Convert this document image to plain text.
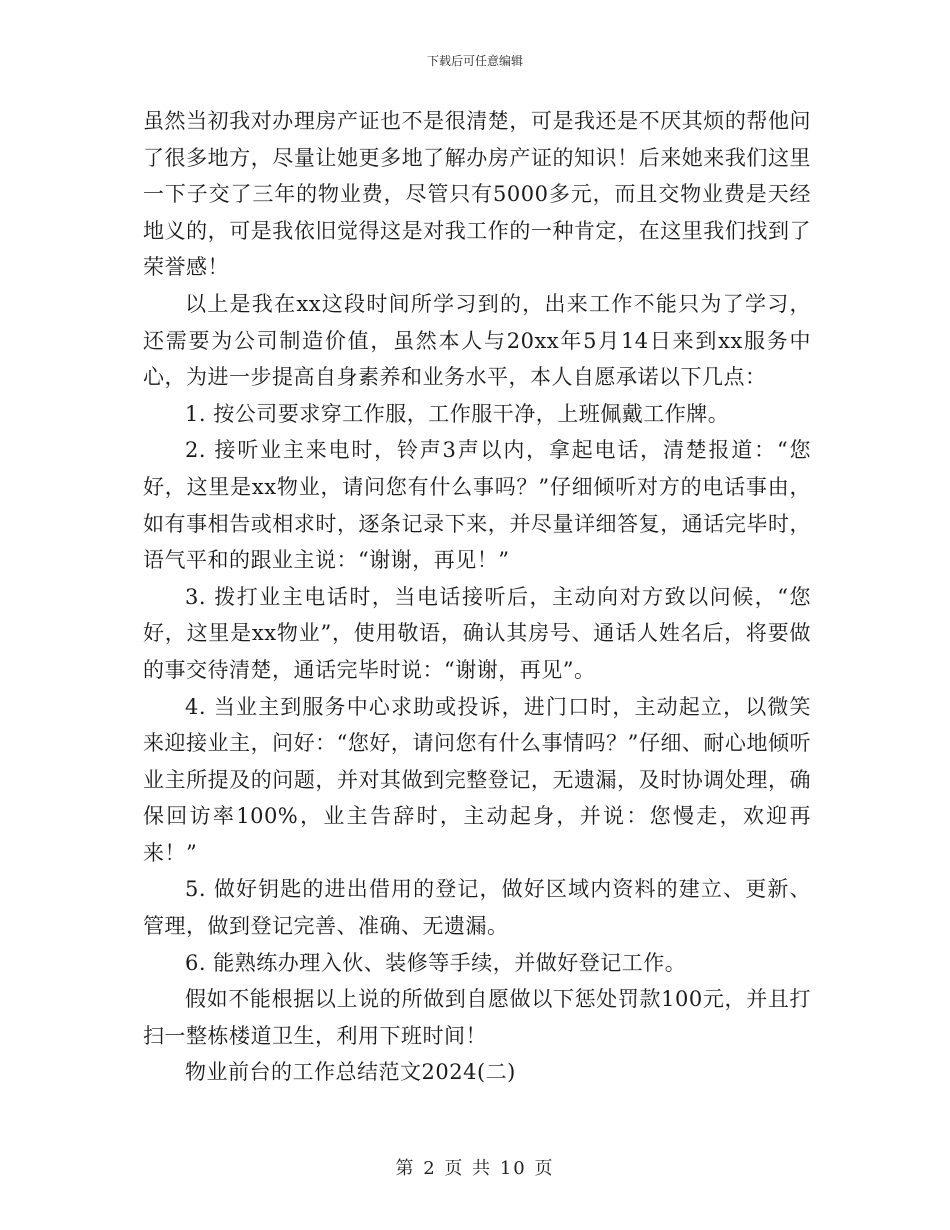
下载后可任意编辑

虽然当初我对办理房产证也不是很清楚，可是我还是不厌其烦的帮他问了很多地方，尽量让她更多地了解办房产证的知识！后来她来我们这里一下子交了三年的物业费，尽管只有5000多元，而且交物业费是天经地义的，可是我依旧觉得这是对我工作的一种肯定，在这里我们找到了荣誉感！

以上是我在xx这段时间所学习到的，出来工作不能只为了学习，还需要为公司制造价值，虽然本人与20xx年5月14日来到xx服务中心，为进一步提高自身素养和业务水平，本人自愿承诺以下几点：

1. 按公司要求穿工作服，工作服干净，上班佩戴工作牌。

2. 接听业主来电时，铃声3声以内，拿起电话，清楚报道：“您好，这里是xx物业，请问您有什么事吗？”仔细倾听对方的电话事由，如有事相告或相求时，逐条记录下来，并尽量详细答复，通话完毕时，语气平和的跟业主说：“谢谢，再见！”

3. 拨打业主电话时，当电话接听后，主动向对方致以问候，“您好，这里是xx物业”，使用敬语，确认其房号、通话人姓名后，将要做的事交待清楚，通话完毕时说：“谢谢，再见”。

4. 当业主到服务中心求助或投诉，进门口时，主动起立，以微笑来迎接业主，问好：“您好，请问您有什么事情吗？”仔细、耐心地倾听业主所提及的问题，并对其做到完整登记，无遗漏，及时协调处理，确保回访率100%，业主告辞时，主动起身，并说：您慢走，欢迎再来！”

5. 做好钥匙的进出借用的登记，做好区域内资料的建立、更新、管理，做到登记完善、准确、无遗漏。

6. 能熟练办理入伙、装修等手续，并做好登记工作。

假如不能根据以上说的所做到自愿做以下惩处罚款100元，并且打扫一整栋楼道卫生，利用下班时间！

物业前台的工作总结范文2024(二)

第 2 页 共 10 页
